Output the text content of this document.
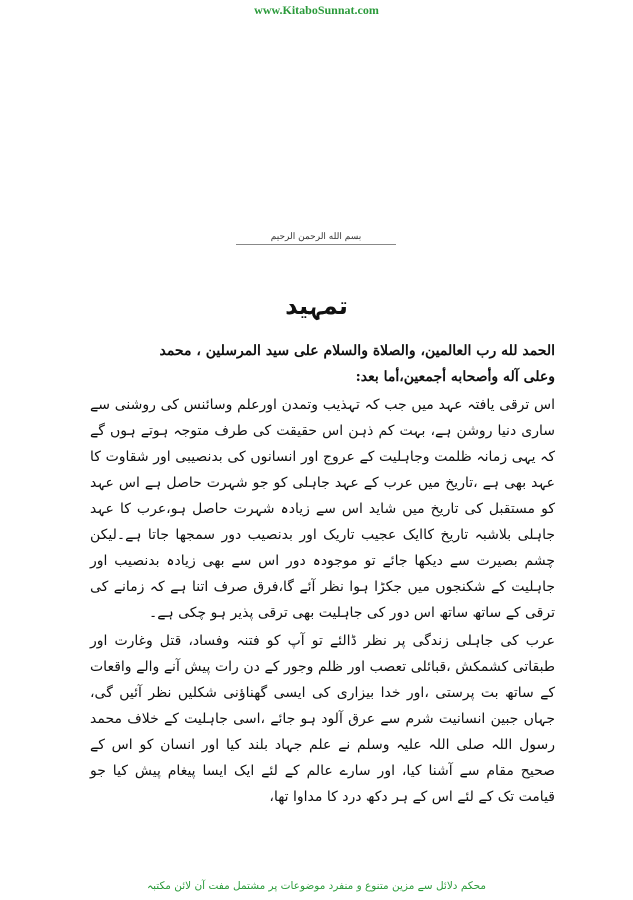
www.KitaboSunnat.com
بسم الله الرحمن الرحيم
تمہید

الحمد لله رب العالمين، والصلاة والسلام على سيد المرسلين ، محمد
وعلى آله وأصحابه أجمعين،أما بعد:

اس ترقی یافتہ عہد میں جب کہ تہذیب وتمدن اورعلم وسائنس کی روشنی سے ساری دنیا روشن ہے، بہت کم ذہن اس حقیقت کی طرف متوجہ ہوتے ہوں گے کہ یہی زمانہ ظلمت وجاہلیت کے عروج اور انسانوں کی بدنصیبی اور شقاوت کا عہد بھی ہے ،تاریخ میں عرب کے عہد جاہلی کو جو شہرت حاصل ہے اس عہد کو مستقبل کی تاریخ میں شاید اس سے زیادہ شہرت حاصل ہو،عرب کا عہد جاہلی بلاشبہ تاریخ کاایک عجیب تاریک اور بدنصیب دور سمجھا جاتا ہے۔لیکن چشم بصیرت سے دیکھا جائے تو موجودہ دور اس سے بھی زیادہ بدنصیب اور جاہلیت کے شکنجوں میں جکڑا ہوا نظر آئے گا،فرق صرف اتنا ہے کہ زمانے کی ترقی کے ساتھ ساتھ اس دور کی جاہلیت بھی ترقی پذیر ہو چکی ہے۔

عرب کی جاہلی زندگی پر نظر ڈالئے تو آپ کو فتنہ وفساد، قتل وغارت اور طبقاتی کشمکش ،قبائلی تعصب اور ظلم وجور کے دن رات پیش آنے والے واقعات کے ساتھ بت پرستی ،اور خدا بیزاری کی ایسی گھناؤنی شکلیں نظر آئیں گی، جہاں جبین انسانیت شرم سے عرق آلود ہو جائے ،اسی جاہلیت کے خلاف محمد رسول اللہ صلی اللہ علیہ وسلم نے علم جہاد بلند کیا اور انسان کو اس کے صحیح مقام سے آشنا کیا، اور سارے عالم کے لئے ایک ایسا پیغام پیش کیا جو قیامت تک کے لئے اس کے ہر دکھ درد کا مداوا تھا،

محکم دلائل سے مزین متنوع و منفرد موضوعات پر مشتمل مفت آن لائن مکتبہ
